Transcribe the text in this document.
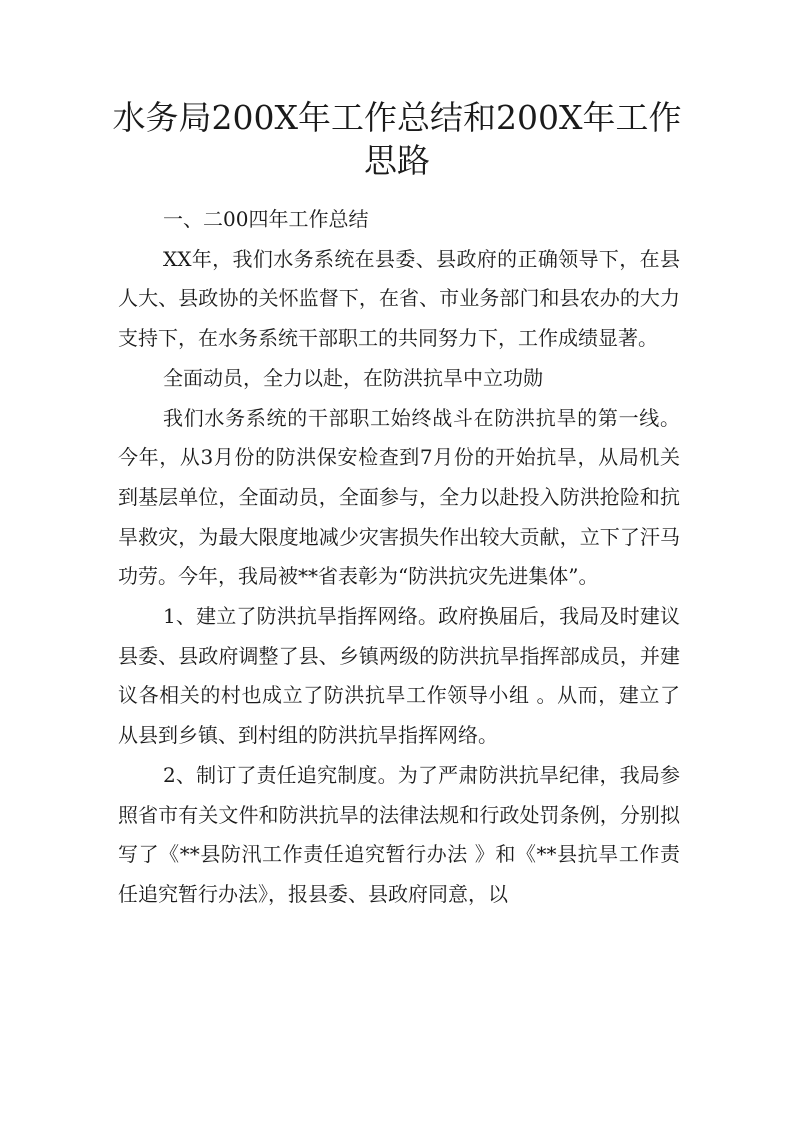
水务局200X年工作总结和200X年工作思路

一、二00四年工作总结

XX年，我们水务系统在县委、县政府的正确领导下，在县人大、县政协的关怀监督下，在省、市业务部门和县农办的大力支持下，在水务系统干部职工的共同努力下，工作成绩显著。

全面动员，全力以赴，在防洪抗旱中立功勋

我们水务系统的干部职工始终战斗在防洪抗旱的第一线。今年，从3月份的防洪保安检查到7月份的开始抗旱，从局机关到基层单位，全面动员，全面参与，全力以赴投入防洪抢险和抗旱救灾，为最大限度地减少灾害损失作出较大贡献，立下了汗马功劳。今年，我局被**省表彰为“防洪抗灾先进集体”。

1、建立了防洪抗旱指挥网络。政府换届后，我局及时建议县委、县政府调整了县、乡镇两级的防洪抗旱指挥部成员，并建议各相关的村也成立了防洪抗旱工作领导小组 。从而，建立了从县到乡镇、到村组的防洪抗旱指挥网络。

2、制订了责任追究制度。为了严肃防洪抗旱纪律，我局参照省市有关文件和防洪抗旱的法律法规和行政处罚条例，分别拟写了《**县防汛工作责任追究暂行办法 》和《**县抗旱工作责任追究暂行办法》，报县委、县政府同意，以
